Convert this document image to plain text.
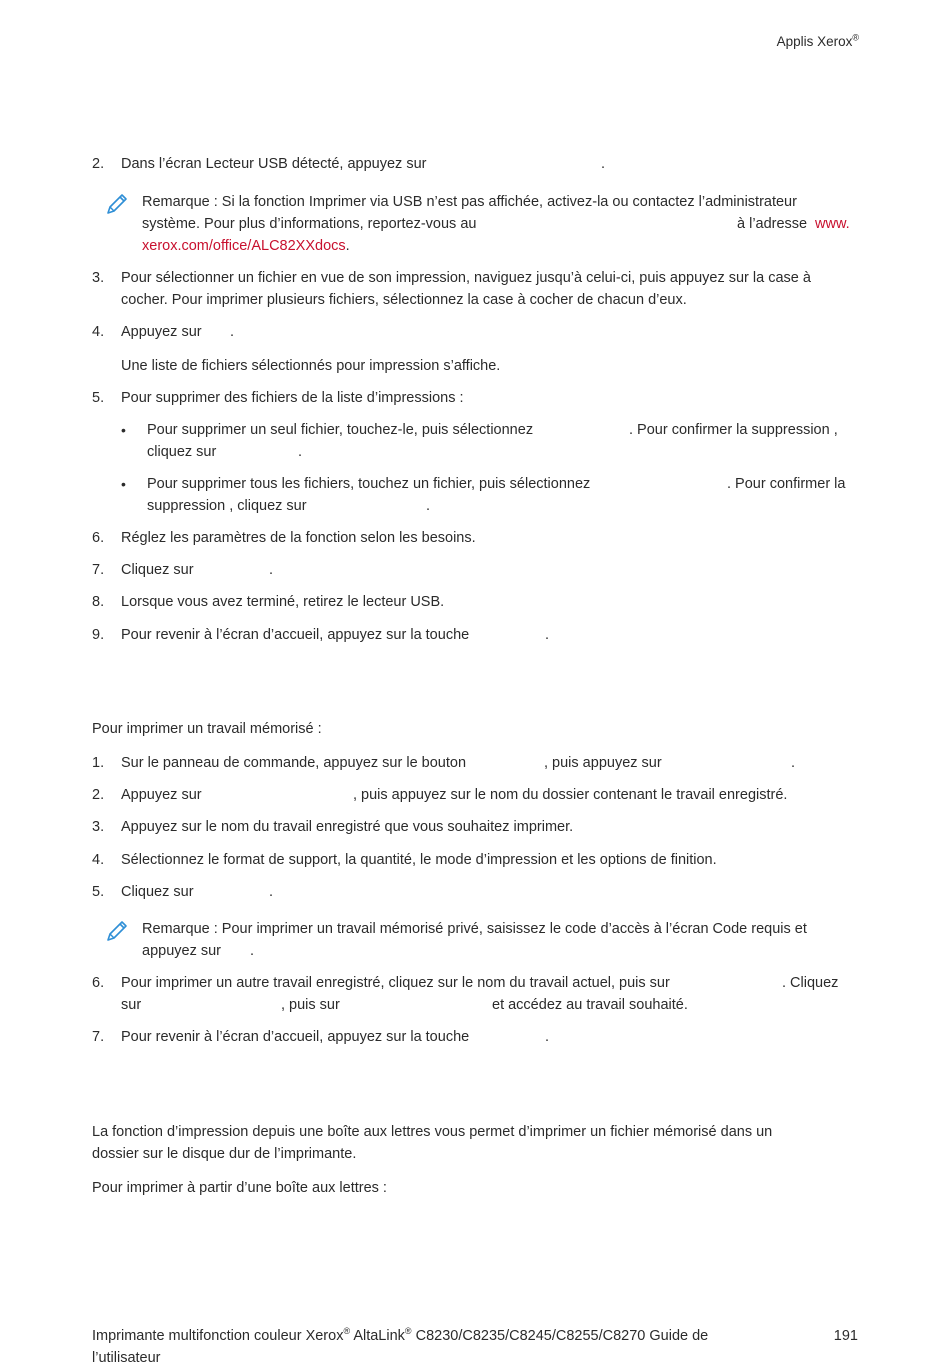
Applis Xerox®
2. Dans l’écran Lecteur USB détecté, appuyez sur	.
Remarque : Si la fonction Imprimer via USB n’est pas affichée, activez-la ou contactez l’administrateur
système. Pour plus d’informations, reportez-vous au	à l’adresse www.
xerox.com/office/ALC82XXdocs.
3. Pour sélectionner un fichier en vue de son impression, naviguez jusqu’à celui-ci, puis appuyez sur la case à
cocher. Pour imprimer plusieurs fichiers, sélectionnez la case à cocher de chacun d’eux.
4. Appuyez sur .
Une liste de fichiers sélectionnés pour impression s’affiche.
5. Pour supprimer des fichiers de la liste d’impressions :
• Pour supprimer un seul fichier, touchez-le, puis sélectionnez	. Pour confirmer la suppression ,
cliquez sur	.
• Pour supprimer tous les fichiers, touchez un fichier, puis sélectionnez	. Pour confirmer la
suppression , cliquez sur	.
6. Réglez les paramètres de la fonction selon les besoins.
7. Cliquez sur	.
8. Lorsque vous avez terminé, retirez le lecteur USB.
9. Pour revenir à l’écran d’accueil, appuyez sur la touche	.
Pour imprimer un travail mémorisé :
1. Sur le panneau de commande, appuyez sur le bouton	, puis appuyez sur	.
2. Appuyez sur	, puis appuyez sur le nom du dossier contenant le travail enregistré.
3. Appuyez sur le nom du travail enregistré que vous souhaitez imprimer.
4. Sélectionnez le format de support, la quantité, le mode d’impression et les options de finition.
5. Cliquez sur	.
Remarque : Pour imprimer un travail mémorisé privé, saisissez le code d’accès à l’écran Code requis et
appuyez sur .
6. Pour imprimer un autre travail enregistré, cliquez sur le nom du travail actuel, puis sur	. Cliquez
sur	, puis sur	et accédez au travail souhaité.
7. Pour revenir à l’écran d’accueil, appuyez sur la touche	.
La fonction d’impression depuis une boîte aux lettres vous permet d’imprimer un fichier mémorisé dans un
dossier sur le disque dur de l’imprimante.
Pour imprimer à partir d’une boîte aux lettres :
Imprimante multifonction couleur Xerox® AltaLink® C8230/C8235/C8245/C8255/C8270 Guide de
l’utilisateur
191
